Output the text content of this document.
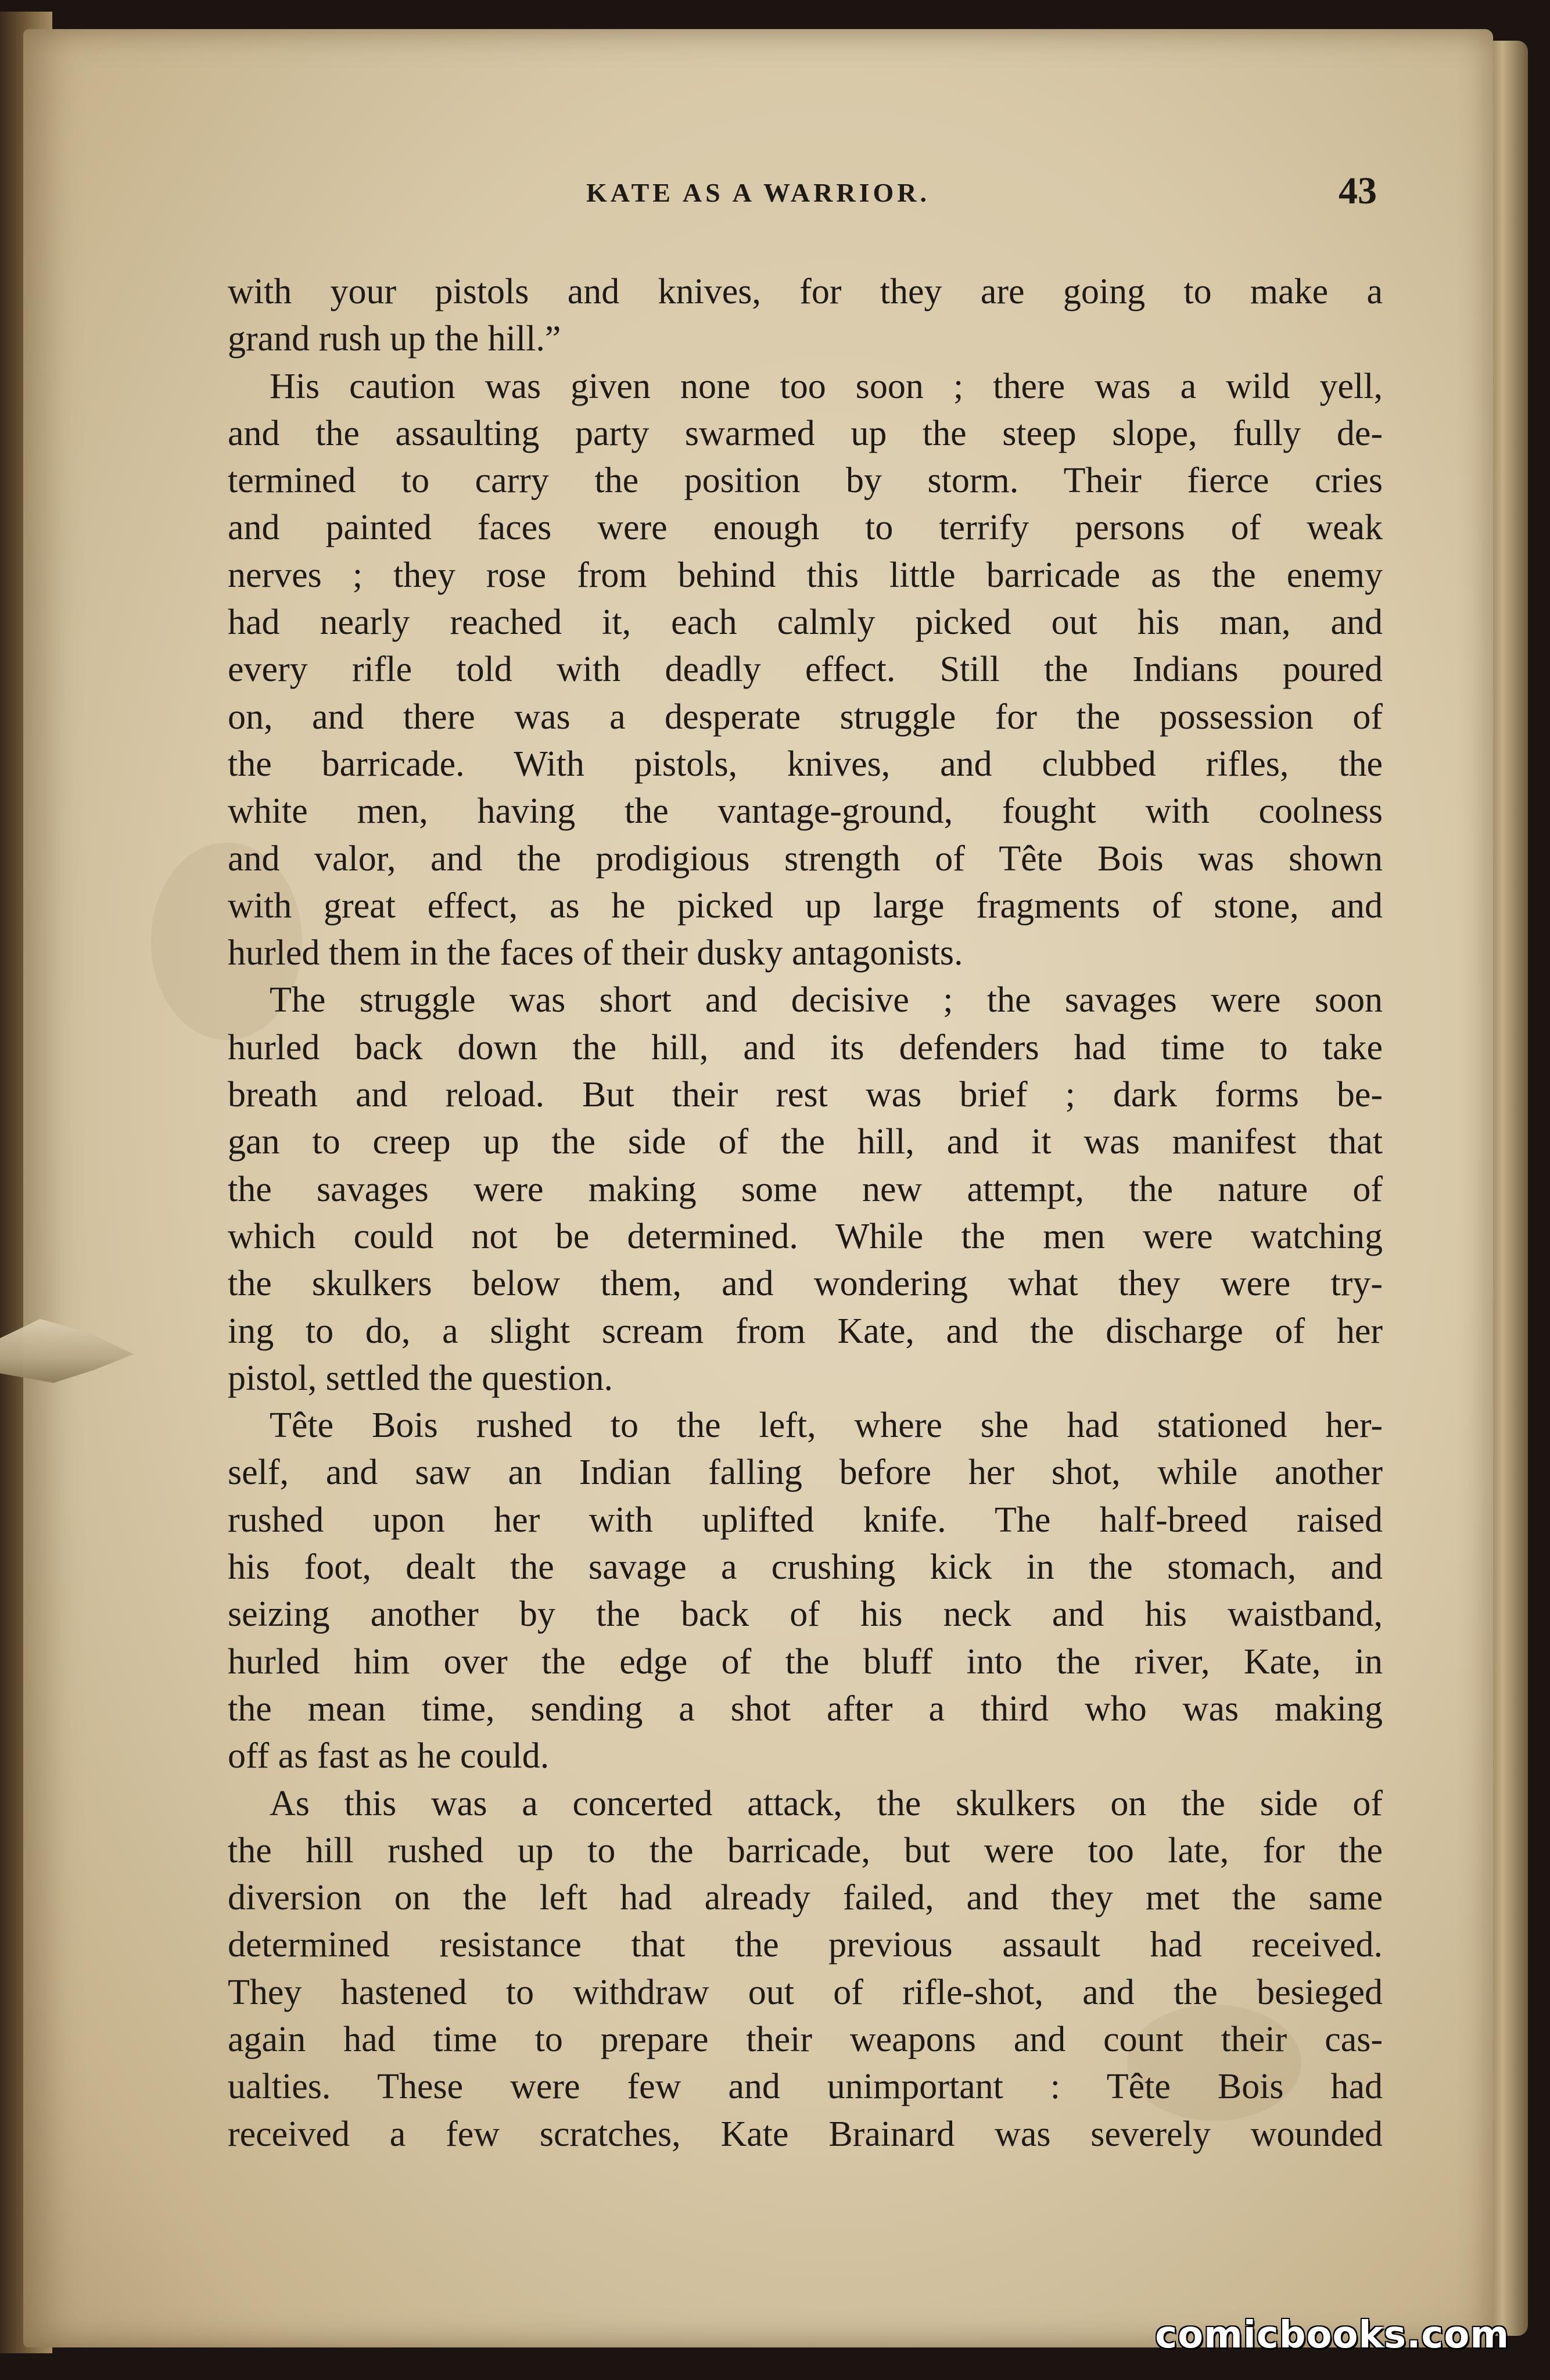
KATE AS A WARRIOR.	43
with your pistols and knives, for they are going to make a
grand rush up the hill.”
His caution was given none too soon ; there was a wild yell,
and the assaulting party swarmed up the steep slope, fully de-
termined to carry the position by storm. Their fierce cries
and painted faces were enough to terrify persons of weak
nerves ; they rose from behind this little barricade as the enemy
had nearly reached it, each calmly picked out his man, and
every rifle told with deadly effect. Still the Indians poured
on, and there was a desperate struggle for the possession of
the barricade. With pistols, knives, and clubbed rifles, the
white men, having the vantage-ground, fought with coolness
and valor, and the prodigious strength of Tête Bois was shown
with great effect, as he picked up large fragments of stone, and
hurled them in the faces of their dusky antagonists.
The struggle was short and decisive ; the savages were soon
hurled back down the hill, and its defenders had time to take
breath and reload. But their rest was brief ; dark forms be-
gan to creep up the side of the hill, and it was manifest that
the savages were making some new attempt, the nature of
which could not be determined. While the men were watching
the skulkers below them, and wondering what they were try-
ing to do, a slight scream from Kate, and the discharge of her
pistol, settled the question.
Tête Bois rushed to the left, where she had stationed her-
self, and saw an Indian falling before her shot, while another
rushed upon her with uplifted knife. The half-breed raised
his foot, dealt the savage a crushing kick in the stomach, and
seizing another by the back of his neck and his waistband,
hurled him over the edge of the bluff into the river, Kate, in
the mean time, sending a shot after a third who was making
off as fast as he could.
As this was a concerted attack, the skulkers on the side of
the hill rushed up to the barricade, but were too late, for the
diversion on the left had already failed, and they met the same
determined resistance that the previous assault had received.
They hastened to withdraw out of rifle-shot, and the besieged
again had time to prepare their weapons and count their cas-
ualties. These were few and unimportant : Tête Bois had
received a few scratches, Kate Brainard was severely wounded
comicbooks.com
